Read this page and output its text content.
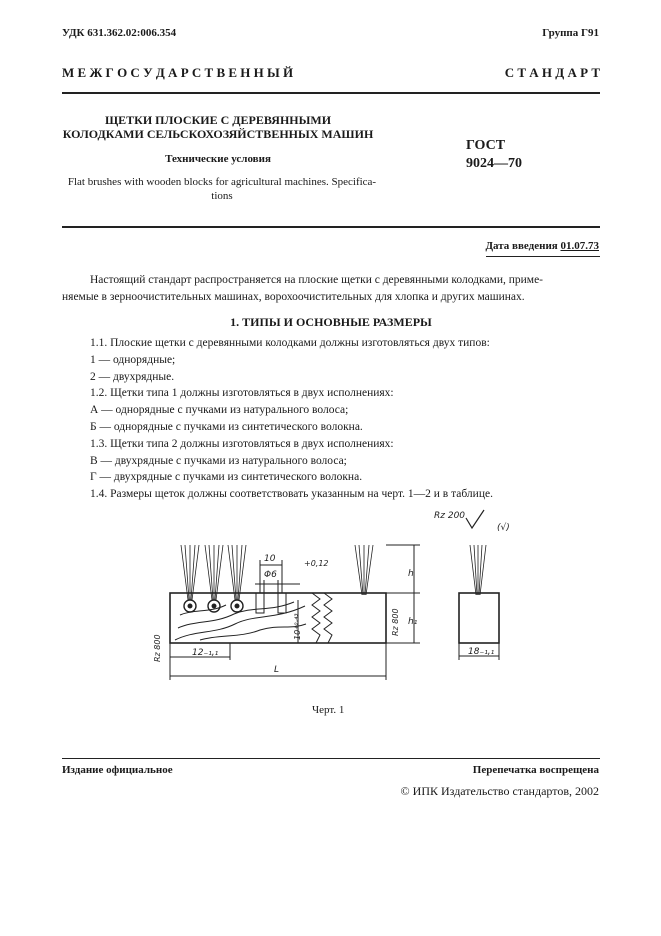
УДК 631.362.02:006.354	Группа Г91
М Е Ж Г О С У Д А Р С Т В Е Н Н Ы Й	С Т А Н Д А Р Т
ЩЕТКИ ПЛОСКИЕ С ДЕРЕВЯННЫМИ
КОЛОДКАМИ СЕЛЬСКОХОЗЯЙСТВЕННЫХ МАШИН
Технические условия
Flat brushes with wooden blocks for agricultural machines. Specifica-
tions
ГОСТ
9024—70
Дата введения 01.07.73
Настоящий стандарт распространяется на плоские щетки с деревянными колодками, приме-
няемые в зерноочистительных машинах, ворохоочистительных для хлопка и других машинах.
1. ТИПЫ И ОСНОВНЫЕ РАЗМЕРЫ
1.1. Плоские щетки с деревянными колодками должны изготовляться двух типов:
1 — однорядные;
2 — двухрядные.
1.2. Щетки типа 1 должны изготовляться в двух исполнениях:
А — однорядные с пучками из натурального волоса;
Б — однорядные с пучками из синтетического волокна.
1.3. Щетки типа 2 должны изготовляться в двух исполнениях:
В — двухрядные с пучками из натурального волоса;
Г — двухрядные с пучками из синтетического волокна.
1.4. Размеры щеток должны соответствовать указанным на черт. 1—2 и в таблице.
Rz 200
(√)
10
Φ6
+0,12
h
h₁
Rz 800
Rz 800
10⁺⁰·⁴³
12₋₁,₁
L
18₋₁,₁
Черт. 1
Издание официальное	Перепечатка воспрещена
© ИПК Издательство стандартов, 2002
